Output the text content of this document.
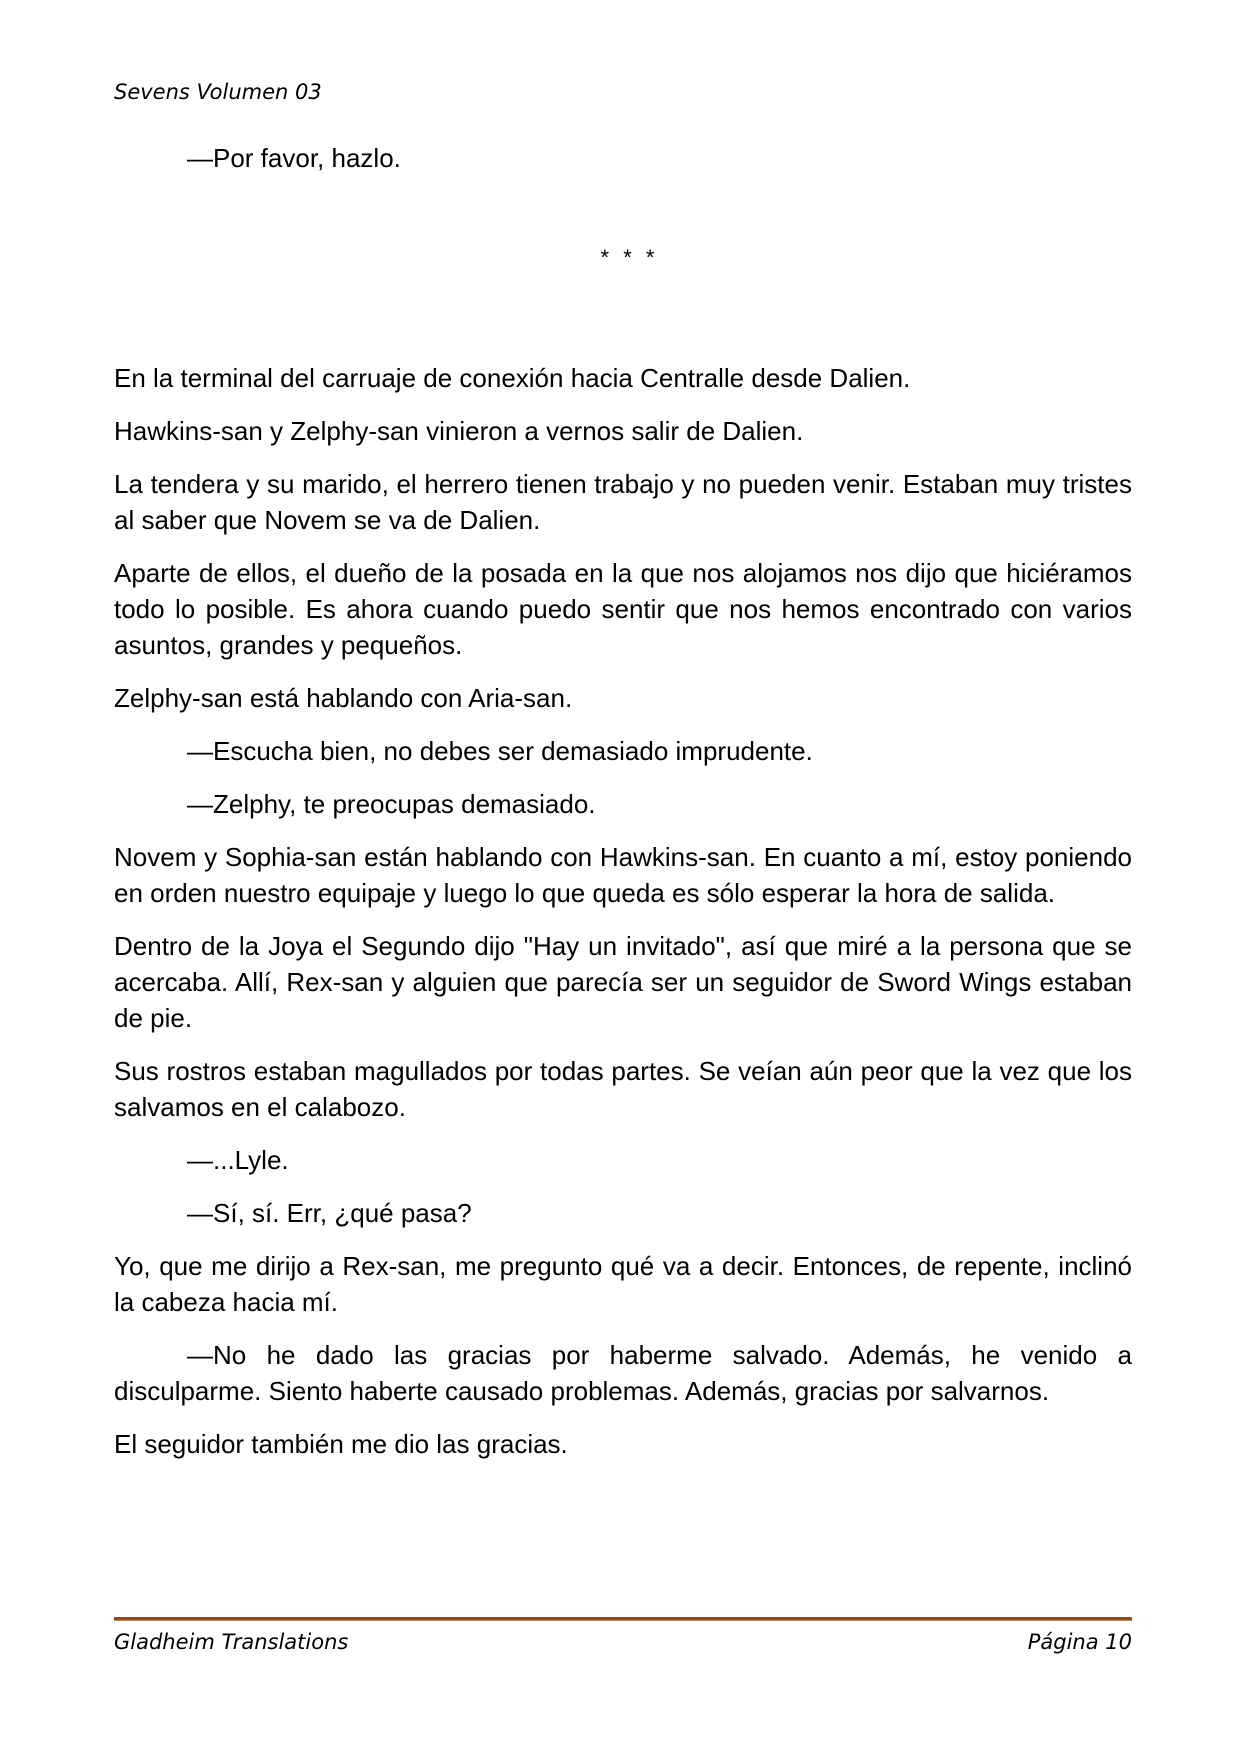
Sevens Volumen 03

—Por favor, hazlo.

* * *

En la terminal del carruaje de conexión hacia Centralle desde Dalien.

Hawkins-san y Zelphy-san vinieron a vernos salir de Dalien.

La tendera y su marido, el herrero tienen trabajo y no pueden venir. Estaban muy tristes al saber que Novem se va de Dalien.

Aparte de ellos, el dueño de la posada en la que nos alojamos nos dijo que hiciéramos todo lo posible. Es ahora cuando puedo sentir que nos hemos encontrado con varios asuntos, grandes y pequeños.

Zelphy-san está hablando con Aria-san.

—Escucha bien, no debes ser demasiado imprudente.

—Zelphy, te preocupas demasiado.

Novem y Sophia-san están hablando con Hawkins-san. En cuanto a mí, estoy poniendo en orden nuestro equipaje y luego lo que queda es sólo esperar la hora de salida.

Dentro de la Joya el Segundo dijo "Hay un invitado", así que miré a la persona que se acercaba. Allí, Rex-san y alguien que parecía ser un seguidor de Sword Wings estaban de pie.

Sus rostros estaban magullados por todas partes. Se veían aún peor que la vez que los salvamos en el calabozo.

—...Lyle.

—Sí, sí. Err, ¿qué pasa?

Yo, que me dirijo a Rex-san, me pregunto qué va a decir. Entonces, de repente, inclinó la cabeza hacia mí.

—No he dado las gracias por haberme salvado. Además, he venido a disculparme. Siento haberte causado problemas. Además, gracias por salvarnos.

El seguidor también me dio las gracias.

Gladheim Translations	Página 10
